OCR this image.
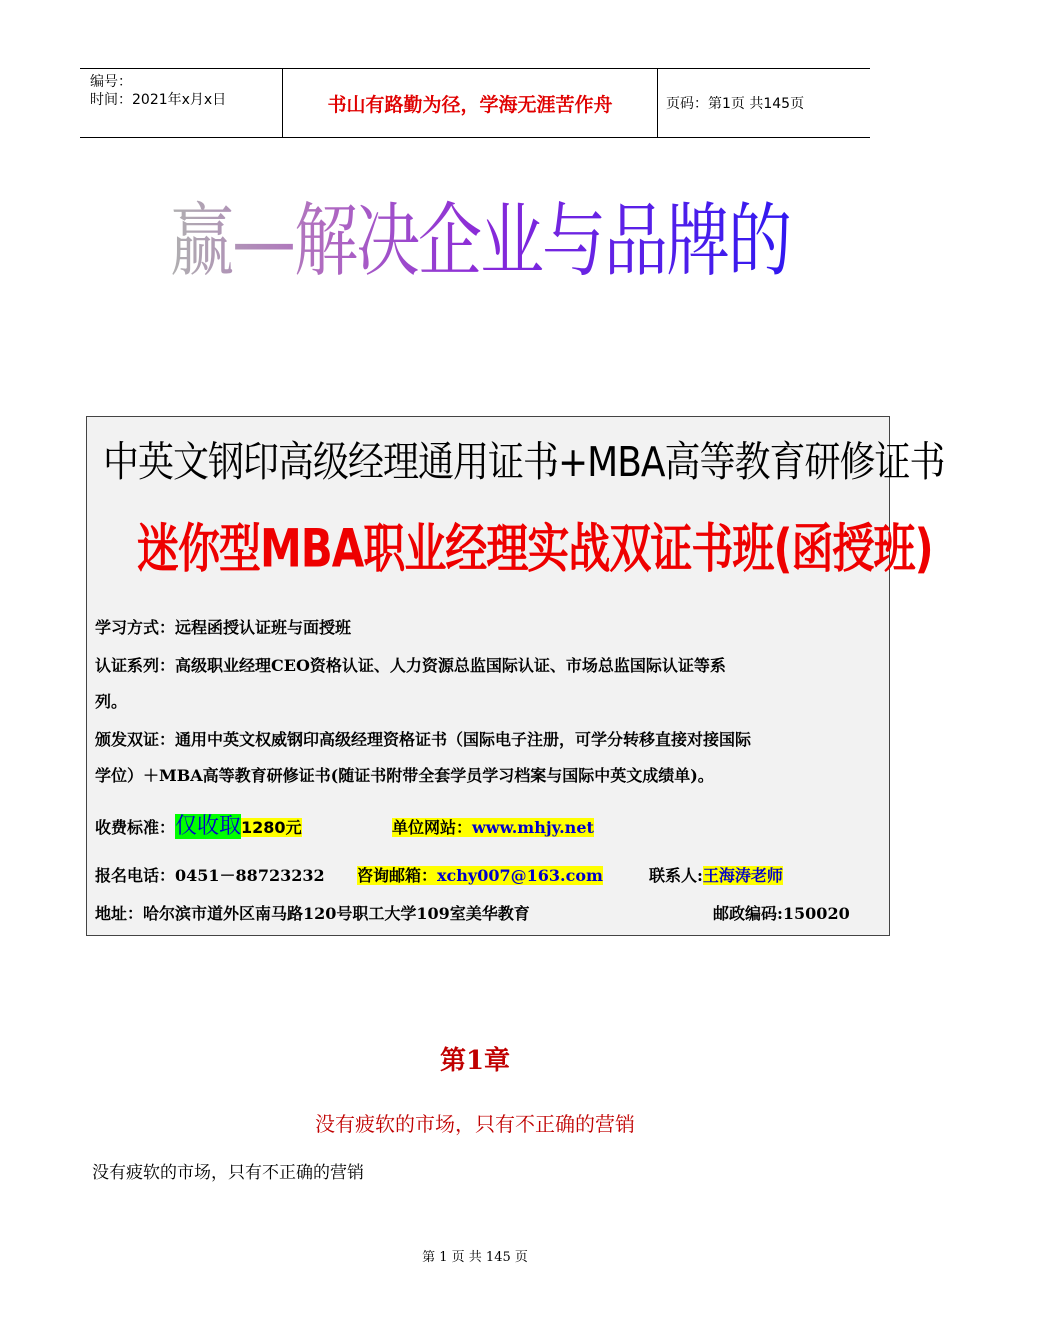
编号：
时间：2021年x月x日	书山有路勤为径，学海无涯苦作舟	页码：第1页 共145页
赢—解决企业与品牌的营销难题
中英文钢印高级经理通用证书+MBA高等教育研修证书
迷你型MBA职业经理实战双证书班(函授班)
学习方式：远程函授认证班与面授班
认证系列：高级职业经理CEO资格认证、人力资源总监国际认证、市场总监国际认证等系
列。
颁发双证：通用中英文权威钢印高级经理资格证书（国际电子注册，可学分转移直接对接国际
学位）＋MBA高等教育研修证书(随证书附带全套学员学习档案与国际中英文成绩单)。
收费标准：仅收取1280元	单位网站：www.mhjy.net
报名电话：0451－88723232 咨询邮箱：xchy007@163.com	联系人:王海涛老师
地址：哈尔滨市道外区南马路120号职工大学109室美华教育	邮政编码:150020
第1章
没有疲软的市场，只有不正确的营销
没有疲软的市场，只有不正确的营销
第 1 页 共 145 页
